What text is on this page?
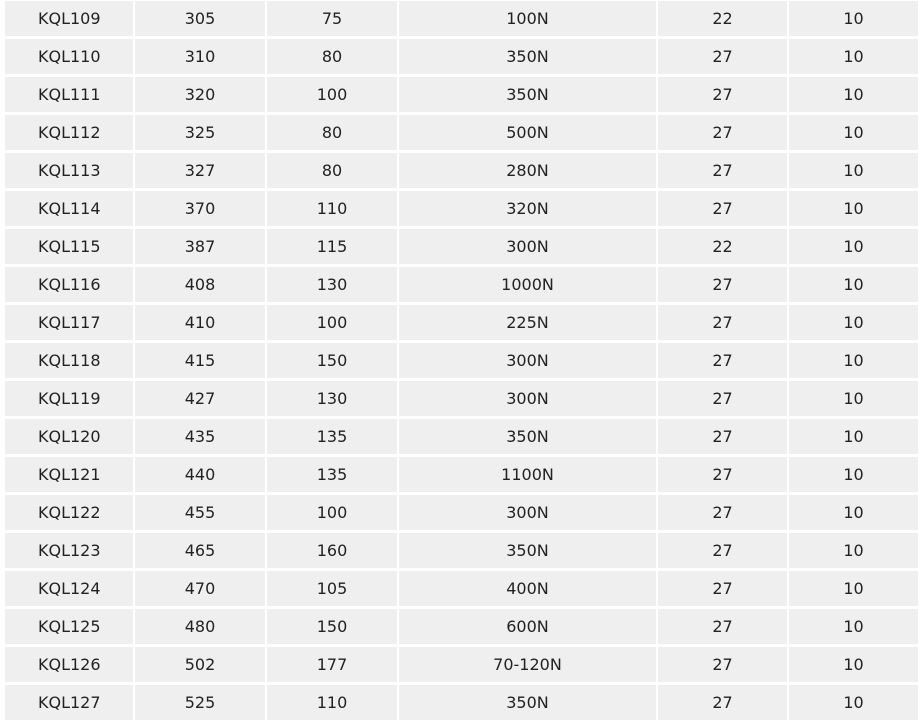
KQL109	305	75	100N	22	10
KQL110	310	80	350N	27	10
KQL111	320	100	350N	27	10
KQL112	325	80	500N	27	10
KQL113	327	80	280N	27	10
KQL114	370	110	320N	27	10
KQL115	387	115	300N	22	10
KQL116	408	130	1000N	27	10
KQL117	410	100	225N	27	10
KQL118	415	150	300N	27	10
KQL119	427	130	300N	27	10
KQL120	435	135	350N	27	10
KQL121	440	135	1100N	27	10
KQL122	455	100	300N	27	10
KQL123	465	160	350N	27	10
KQL124	470	105	400N	27	10
KQL125	480	150	600N	27	10
KQL126	502	177	70-120N	27	10
KQL127	525	110	350N	27	10
